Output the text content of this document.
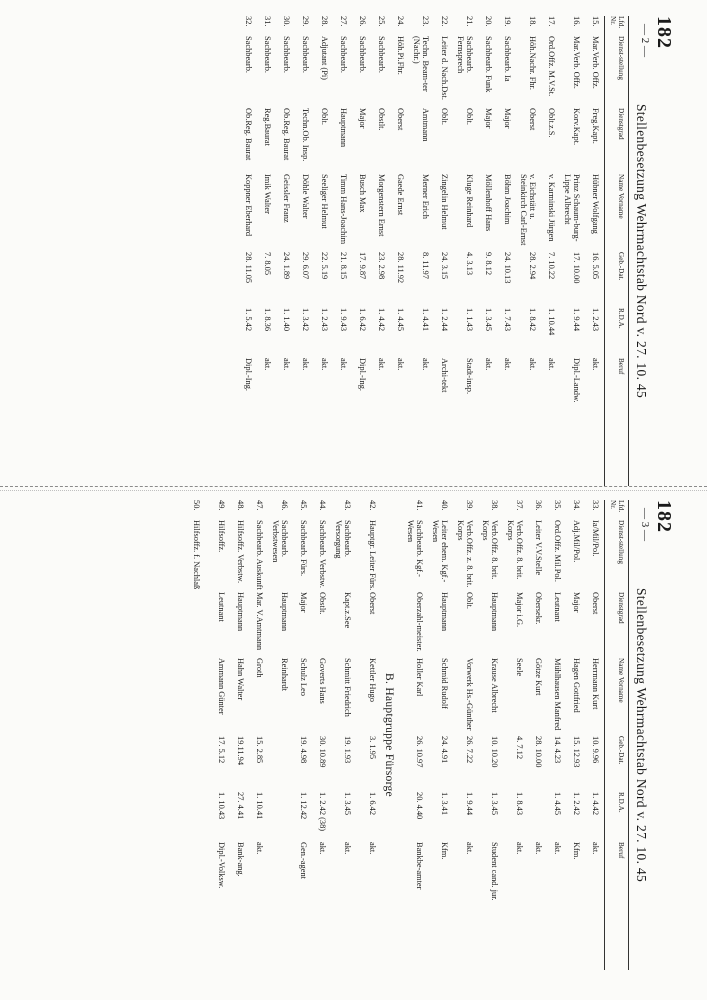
182
— 2 —
Stellenbesetzung Wehrmachtstab Nord v. 27. 10. 45
Lfd. Nr.
Dienst-stellung
Dienstgrad
Name Vorname
Geb.-Dat.
R.D.A.
Beruf
15.
Mar.Verb. Offz.
Freg.Kapt.
Hübner Wolfgang
16. 5.05
1. 2.43
akt.
16.
Mar.Verb. Offz.
Korv.Kapt.
Prinz Schaum-burg-Lippe Albrecht
17. 10.00
1. 9.44
Dipl.-Landw.
17.
Ord.Offz. M.V.St.
Oblt.z.S.
v. Karminski Jürgen
7. 10.22
1. 10.44
akt.
18.
Höh.Nachr. Fhr.
Oberst
v. Eichstätt u. Steinkirch Carl-Ernst
28. 2.94
1. 8.42
akt.
19.
Sachbearb. Ia
Major
Böhm Joachim
24. 10.13
1. 7.43
akt.
20.
Sachbearb. Funk
Major
Möllenhoff Hans
9. 8.12
1. 3.45
akt.
21.
Sachbearb. Fernsprech
Oblt.
Kluge Reinhard
4. 3.13
1. 1.43
Stadt-insp.
22.
Leiter d. Nach.Dst.
Oblt.
Zingelin Helmut
24. 3.15
1. 2.44
Archi-tekt
23.
Techn. Beam-ter (Nachr.)
Amtmann
Merner Erich
8. 11.97
1. 4.41
akt.
24.
Höh.Pi.Fhr.
Oberst
Gaede Ernst
28. 11.92
1. 4.45
akt.
25.
Sachbearb.
Obstlt.
Morgenstern Ernst
23. 2.98
1. 4.42
akt.
26.
Sachbearb.
Major
Busch Max
17. 9.87
1. 6.42
Dipl.-Ing.
27.
Sachbearb.
Hauptmann
Timm Hans-Joachim
21. 8.15
1. 9.43
akt.
28.
Adjutant (Pi)
Oblt.
Seeliger Helmut
22. 5.19
1. 2.43
akt.
29.
Sachbearb.
Techn.Ob. Insp.
Döhle Walter
29. 6.07
1. 3.42
akt.
30.
Sachbearb.
Ob.Reg. Baurat
Geissler Franz
24. 1.89
1. 1.40
akt.
31.
Sachbearb.
Reg.Baurat
Imik Walter
7. 8.05
1. 8.36
akt.
32.
Sachbearb.
Ob.Reg. Baurat
Koppner Eberhard
28. 11.05
1. 5.42
Dipl.-Ing.
182
— 3 —
Stellenbesetzung Wehrmachtstab Nord v. 27. 10. 45
Lfd. Nr.
Dienst-stellung
Dienstgrad
Name Vorname
Geb.-Dat.
R.D.A.
Beruf
33.
Ia/Mil/Pol.
Oberst
Herrmann Kurt
10. 9.96
1. 4.42
akt.
34.
Adj.Mil/Pol.
Major
Hagen Gottfried
15. 12.93
1. 2.42
Kfm.
35.
Ord.Offz. Mil.Pol.
Leutnant
Mühlhausen Manfred
14. 4.23
1. 4.45
akt.
36.
Leiter V.V.Stelle
Obersekr.
Götze Kurt
28. 10.00
akt.
37.
Verb.Offz. 8. brit. Korps
Major i.G.
Seele
4. 7.12
1. 8.43
akt.
38.
Verb.Offz. 8. brit. Korps
Hauptmann
Krause Albrecht
10. 10.20
1. 3.45
Student cand. jur.
39.
Verb.Offz. z. 8. brit. Korps
Oblt.
Vorwerk Hs.-Günther
26. 7.22
1. 9.44
akt.
40.
Leiter ehem. Kgf.-Wesen
Hauptmann
Schmid Rudolf
24. 4.91
1. 3.41
Kfm.
41.
Sachbearb. Kgf.-Wesen
Oberzahl-meister.
Holler Karl
26. 10.97
20. 4.40
Bankbe-amter
B. Hauptgruppe Fürsorge
42.
Hauptgr. Leiter Fürs.
Oberst
Kettler Hugo
3. 1.95
1. 6.42
akt.
43.
Sachbearb. Versorgung
Kapt.z.See
Schmitt Friedrich
19. 1.93
1. 3.45
akt.
44.
Sachbearb. Verbstw.
Obstlt.
Goverts Hans
30. 10.89
1. 2.42 (38)
akt.
45.
Sachbearb. Fürs.
Major
Schulz Leo
19. 4.98
1. 12.42
Gen.-agent
46.
Sachbearb. Verbstwesen
Hauptmann
Reinhardt
47.
Sachbearb. Auskunft
Mar. V.Amtmann
Groth
15. 2.85
1. 10.41
akt.
48.
Hilfsoffz. Verbstw.
Hauptmann
Hahn Walter
19.11.94
27. 4.41
Bank-ang.
49.
Hilfsoffz.
Leutnant
Ammann Günter
17. 5.12
1. 10.43
Dipl.-Volksw.
50.
Hilfsoffz. f. Nachlaß
